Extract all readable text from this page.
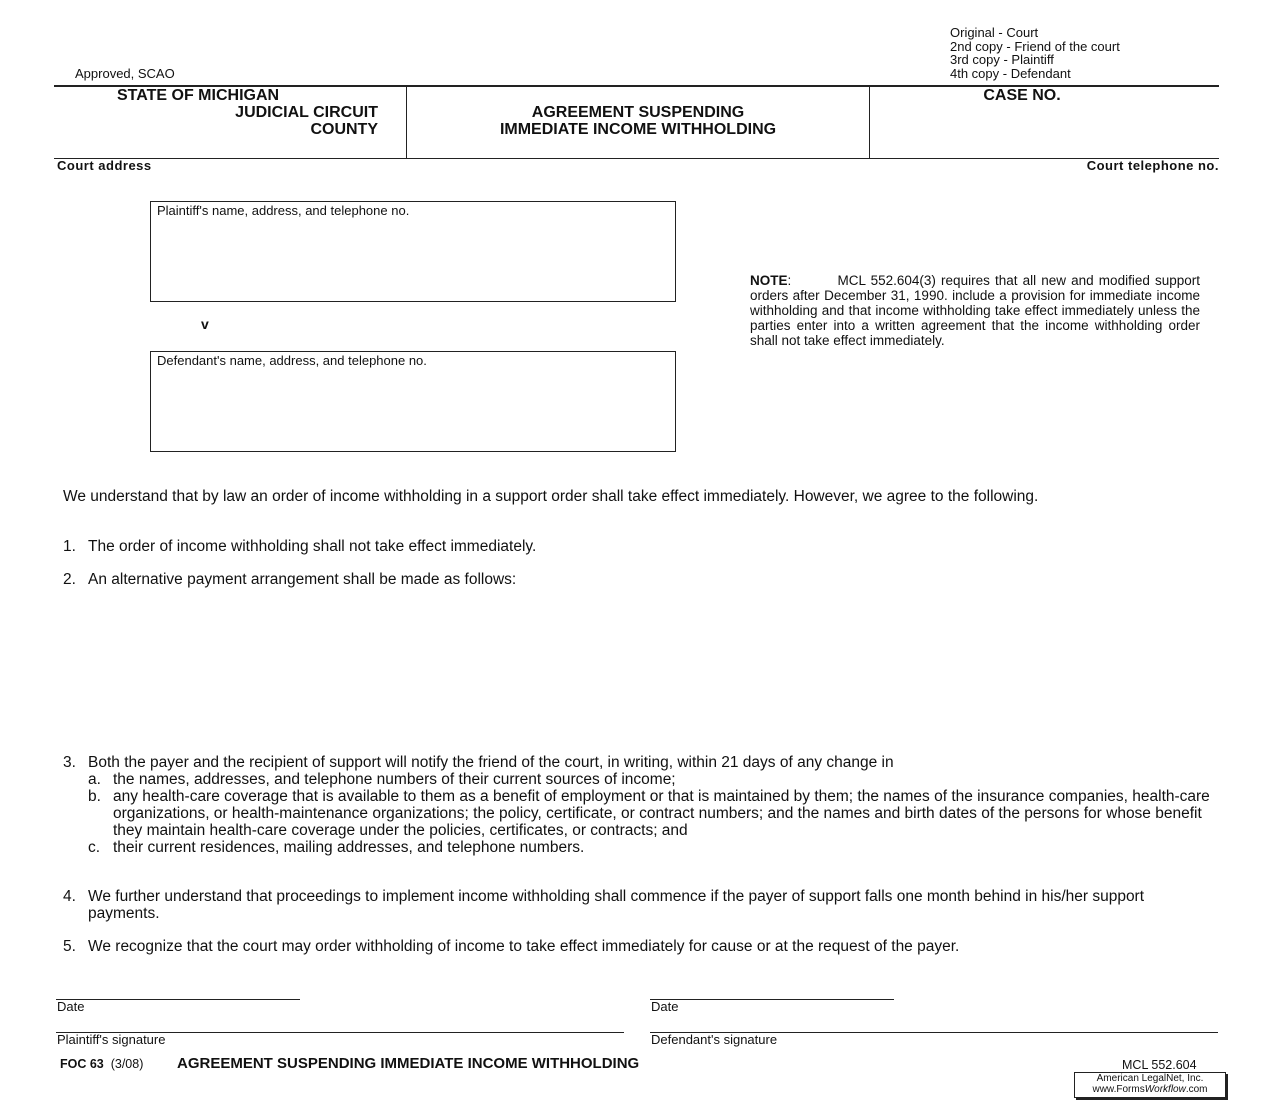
Original - Court
2nd copy - Friend of the court
3rd copy - Plaintiff
4th copy - Defendant
Approved, SCAO
STATE OF MICHIGAN
JUDICIAL CIRCUIT
COUNTY
AGREEMENT SUSPENDING
IMMEDIATE INCOME WITHHOLDING
CASE NO.
Court address	Court telephone no.
Plaintiff's name, address, and telephone no.
v
Defendant's name, address, and telephone no.
NOTE:         MCL 552.604(3) requires that all new and modified support orders after December 31, 1990. include a provision for immediate income withholding and that income withholding take effect immediately unless the parties enter into a written agreement that the income withholding order shall not take effect immediately.
We understand that by law an order of income withholding in a support order shall take effect immediately. However, we agree to the following.
1. The order of income withholding shall not take effect immediately.
2. An alternative payment arrangement shall be made as follows:
3. Both the payer and the recipient of support will notify the friend of the court, in writing, within 21 days of any change in
a. the names, addresses, and telephone numbers of their current sources of income;
b. any health-care coverage that is available to them as a benefit of employment or that is maintained by them; the names of the insurance companies, health-care organizations, or health-maintenance organizations; the policy, certificate, or contract numbers; and the names and birth dates of the persons for whose benefit they maintain health-care coverage under the policies, certificates, or contracts; and
c. their current residences, mailing addresses, and telephone numbers.
4. We further understand that proceedings to implement income withholding shall commence if the payer of support falls one month behind in his/her support payments.
5. We recognize that the court may order withholding of income to take effect immediately for cause or at the request of the payer.
Date	Date
Plaintiff's signature	Defendant's signature
FOC 63 (3/08) AGREEMENT SUSPENDING IMMEDIATE INCOME WITHHOLDING	MCL 552.604
American LegalNet, Inc.
www.FormsWorkflow.com
